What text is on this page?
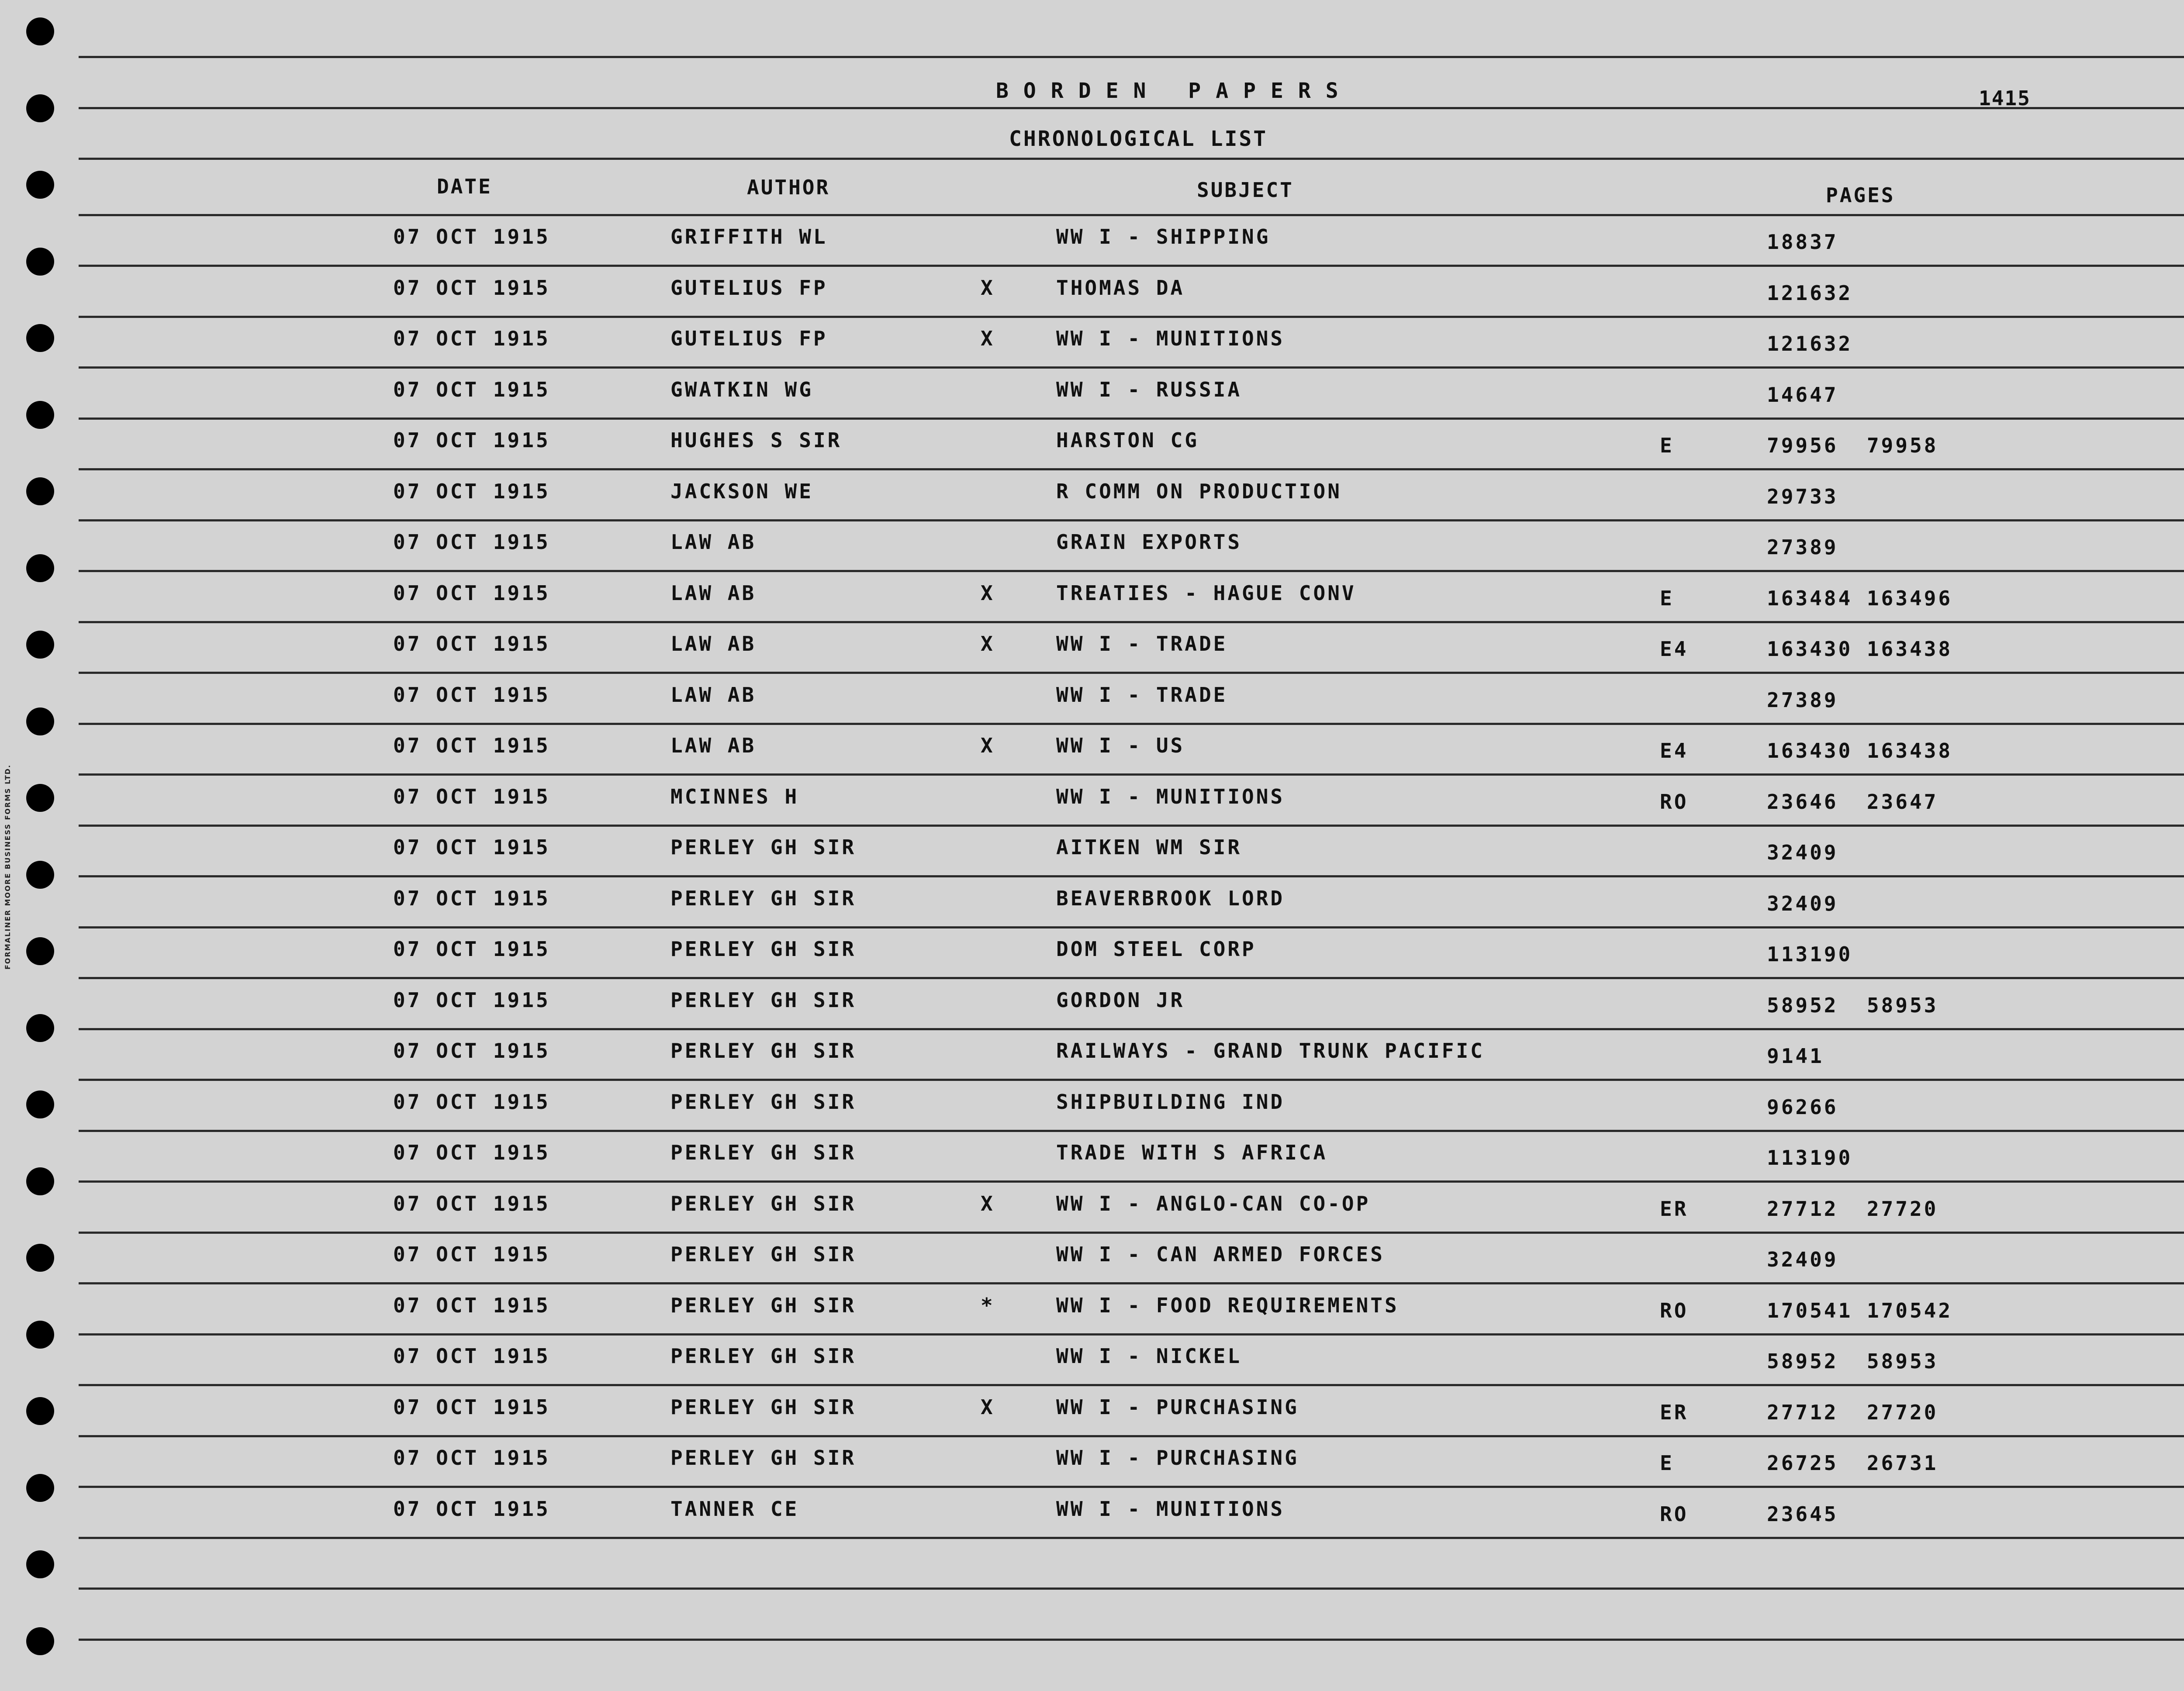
FORMALINER MOORE BUSINESS FORMS LTD.
BORDEN PAPERS	1415
CHRONOLOGICAL LIST
DATE	AUTHOR	SUBJECT	PAGES
07 OCT 1915	GRIFFITH WL	WW I - SHIPPING	18837
07 OCT 1915	GUTELIUS FP	X	THOMAS DA	121632
07 OCT 1915	GUTELIUS FP	X	WW I - MUNITIONS	121632
07 OCT 1915	GWATKIN WG	WW I - RUSSIA	14647
07 OCT 1915	HUGHES S SIR	HARSTON CG	E	79956  79958
07 OCT 1915	JACKSON WE	R COMM ON PRODUCTION	29733
07 OCT 1915	LAW AB	GRAIN EXPORTS	27389
07 OCT 1915	LAW AB	X	TREATIES - HAGUE CONV	E	163484 163496
07 OCT 1915	LAW AB	X	WW I - TRADE	E4	163430 163438
07 OCT 1915	LAW AB	WW I - TRADE	27389
07 OCT 1915	LAW AB	X	WW I - US	E4	163430 163438
07 OCT 1915	MCINNES H	WW I - MUNITIONS	RO	23646  23647
07 OCT 1915	PERLEY GH SIR	AITKEN WM SIR	32409
07 OCT 1915	PERLEY GH SIR	BEAVERBROOK LORD	32409
07 OCT 1915	PERLEY GH SIR	DOM STEEL CORP	113190
07 OCT 1915	PERLEY GH SIR	GORDON JR	58952  58953
07 OCT 1915	PERLEY GH SIR	RAILWAYS - GRAND TRUNK PACIFIC	9141
07 OCT 1915	PERLEY GH SIR	SHIPBUILDING IND	96266
07 OCT 1915	PERLEY GH SIR	TRADE WITH S AFRICA	113190
07 OCT 1915	PERLEY GH SIR	X	WW I - ANGLO-CAN CO-OP	ER	27712  27720
07 OCT 1915	PERLEY GH SIR	WW I - CAN ARMED FORCES	32409
07 OCT 1915	PERLEY GH SIR	*	WW I - FOOD REQUIREMENTS	RO	170541 170542
07 OCT 1915	PERLEY GH SIR	WW I - NICKEL	58952  58953
07 OCT 1915	PERLEY GH SIR	X	WW I - PURCHASING	ER	27712  27720
07 OCT 1915	PERLEY GH SIR	WW I - PURCHASING	E	26725  26731
07 OCT 1915	TANNER CE	WW I - MUNITIONS	RO	23645
